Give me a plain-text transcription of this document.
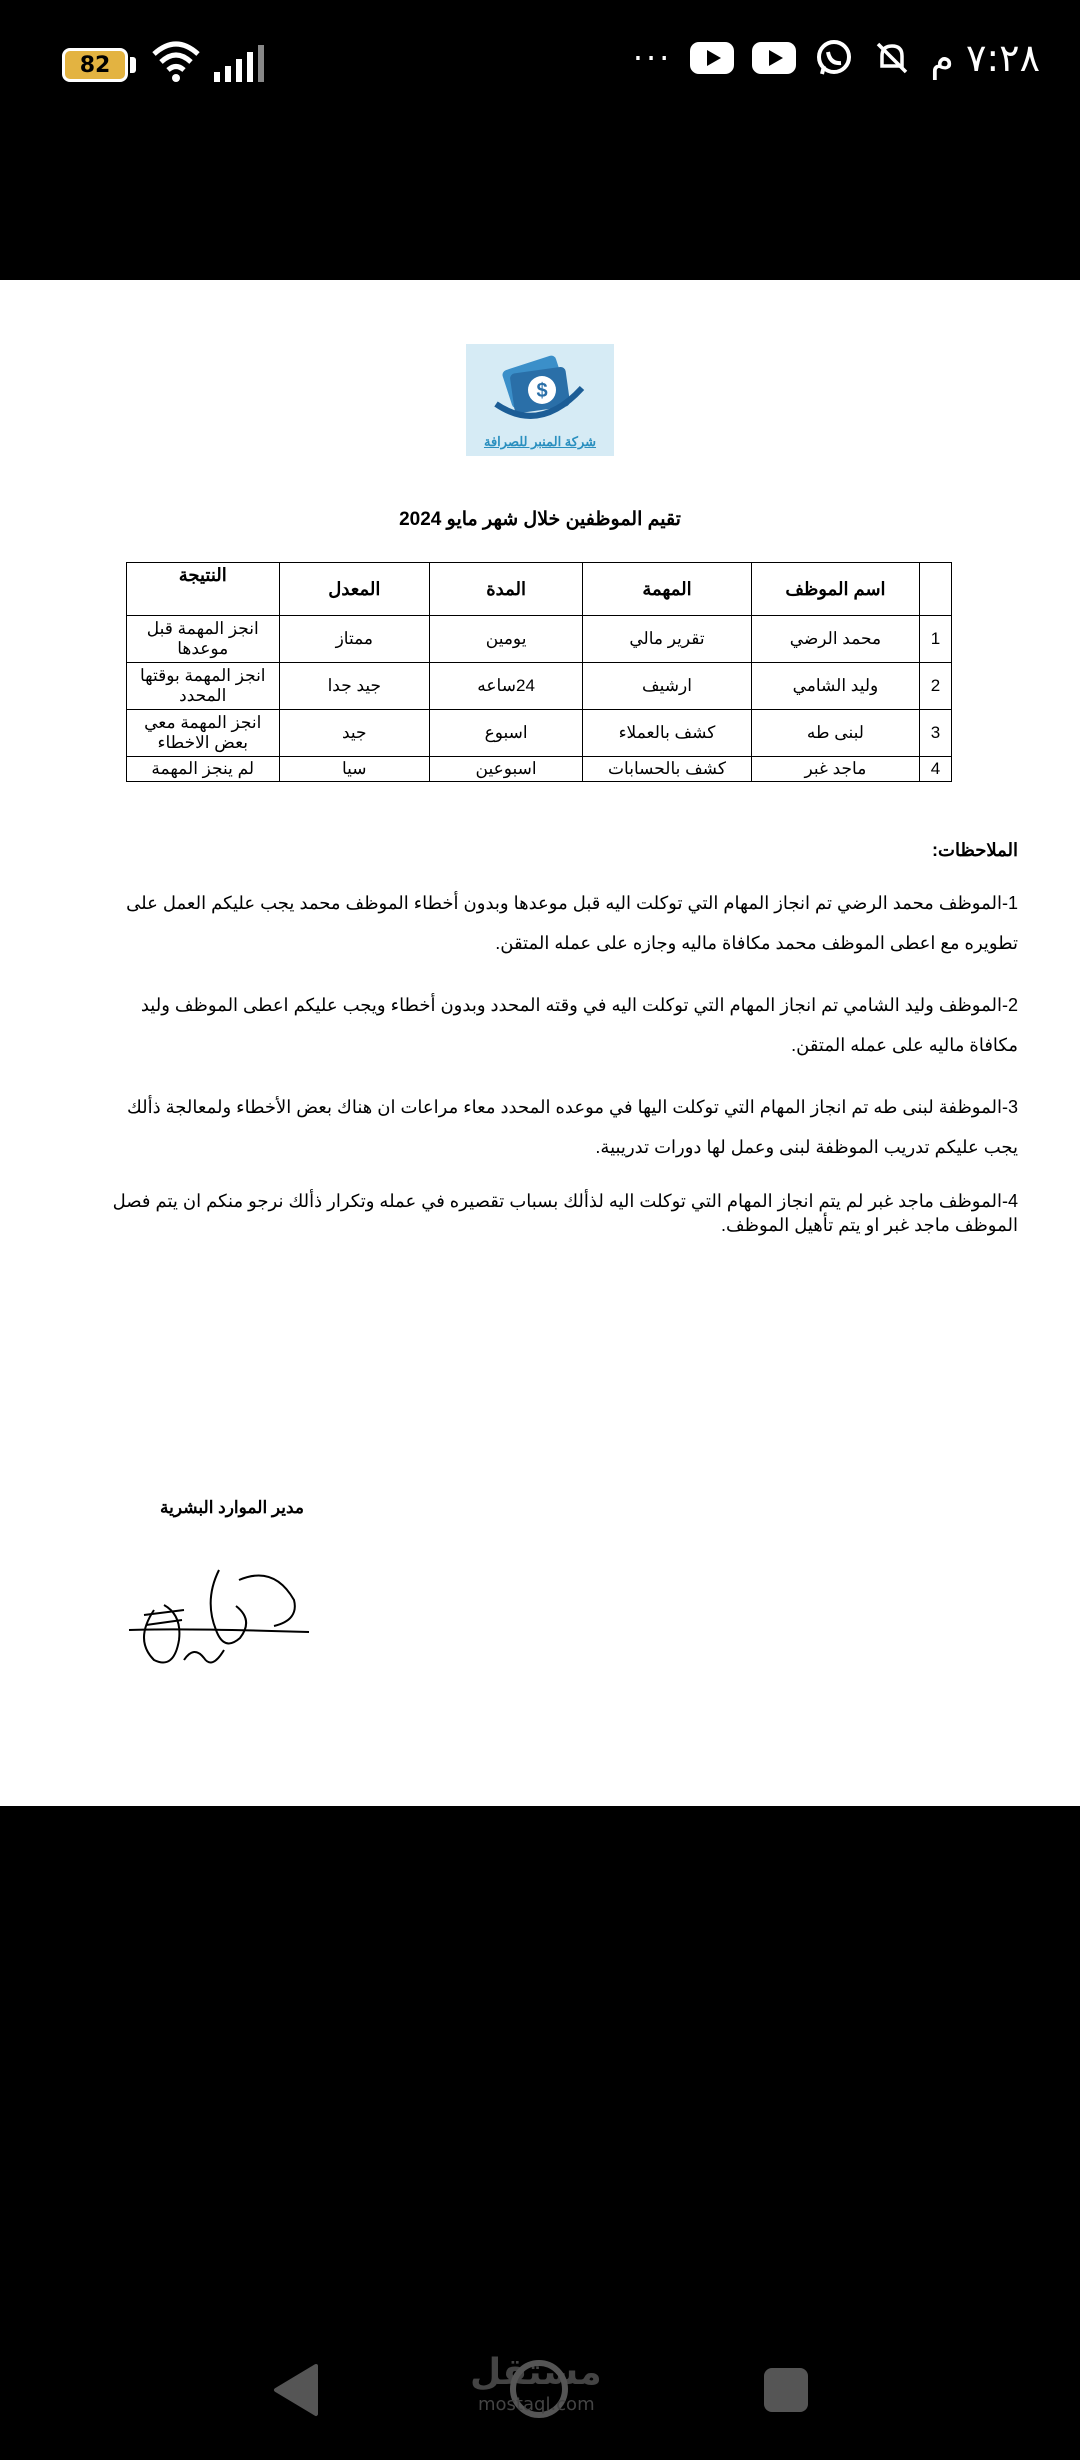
82	···	٧:٢٨ م
$
شركة المنبر للصرافة
تقيم الموظفين خلال شهر مايو 2024
	اسم الموظف	المهمة	المدة	المعدل	النتيجة
1	محمد الرضي	تقرير مالي	يومين	ممتاز	انجز المهمة قبل موعدها
2	وليد الشامي	ارشيف	24ساعه	جيد جدا	انجز المهمة بوقتها المحدد
3	لبنى طه	كشف بالعملاء	اسبوع	جيد	انجز المهمة معي بعض الاخطاء
4	ماجد غبر	كشف بالحسابات	اسبوعين	سيا	لم ينجز المهمة
الملاحظات:

1-الموظف محمد الرضي تم انجاز المهام التي توكلت اليه قبل موعدها وبدون أخطاء الموظف محمد يجب عليكم العمل على تطويره مع اعطى الموظف محمد مكافاة ماليه وجازه على عمله المتقن.

2-الموظف وليد الشامي تم انجاز المهام التي توكلت اليه في وقته المحدد وبدون أخطاء ويجب عليكم اعطى الموظف وليد مكافاة ماليه على عمله المتقن.

3-الموظفة لبنى طه تم انجاز المهام التي توكلت اليها في موعده المحدد معاء مراعات ان هناك بعض الأخطاء ولمعالجة ذألك يجب عليكم تدريب الموظفة لبنى وعمل لها دورات تدريبية.

4-الموظف ماجد غبر لم يتم انجاز المهام التي توكلت اليه لذألك بسباب تقصيره في عمله وتكرار ذألك نرجو منكم ان يتم فصل الموظف ماجد غبر او يتم تأهيل الموظف.

مدير الموارد البشرية
مستقل
mostaql.com
